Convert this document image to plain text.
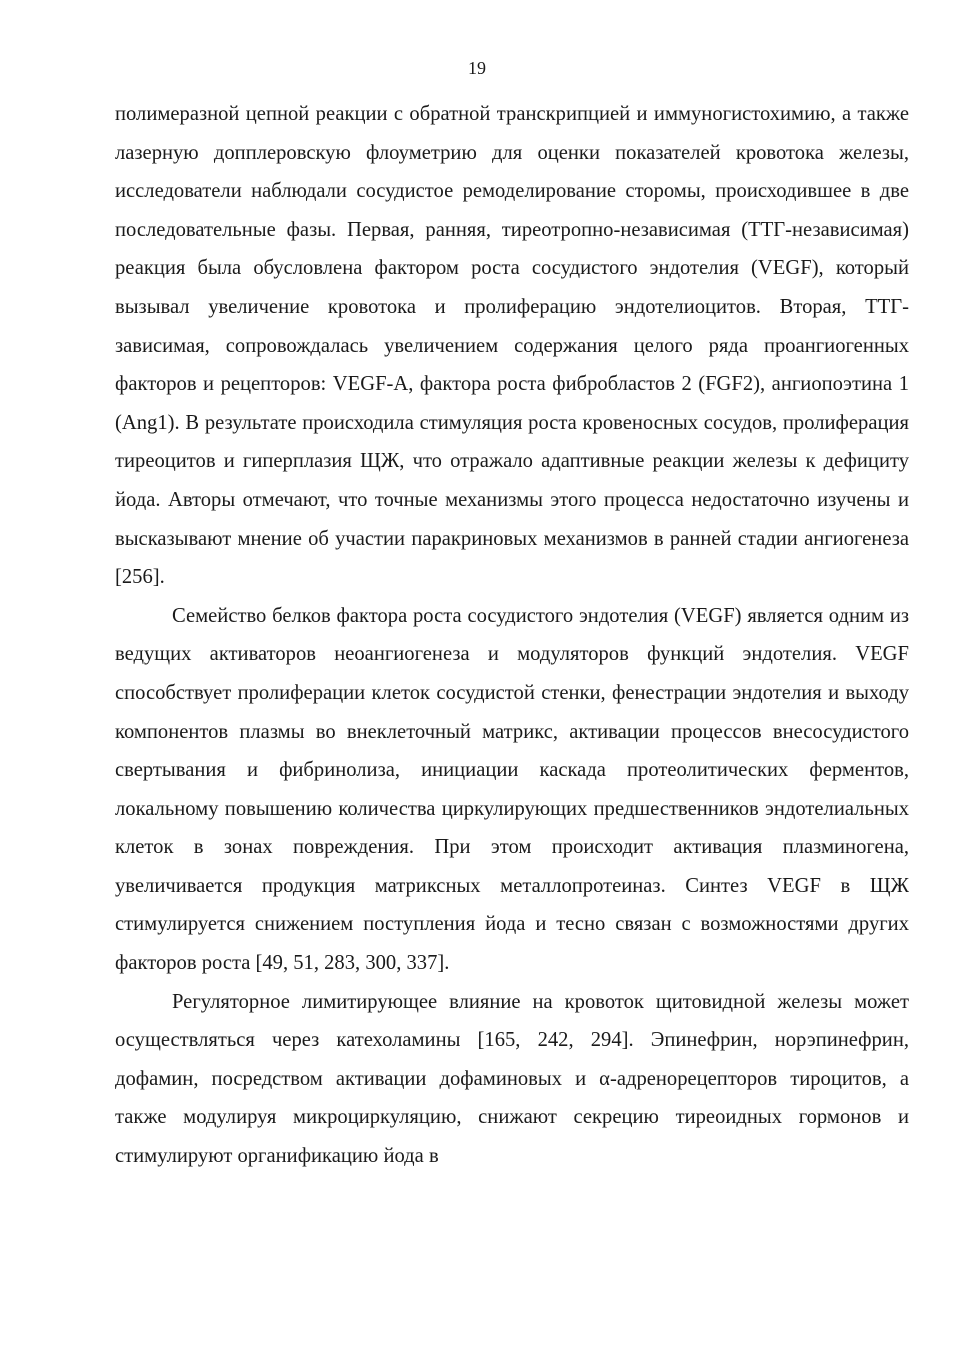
19

полимеразной цепной реакции с обратной транскрипцией и иммуногистохимию, а также лазерную допплеровскую флоуметрию для оценки показателей кровотока железы, исследователи наблюдали сосудистое ремоделирование сторомы, происходившее в две последовательные фазы. Первая, ранняя, тиреотропно-независимая (ТТГ-независимая) реакция была обусловлена фактором роста сосудистого эндотелия (VEGF), который вызывал увеличение кровотока и пролиферацию эндотелиоцитов. Вторая, ТТГ-зависимая, сопровождалась увеличением содержания целого ряда проангиогенных факторов и рецепторов: VEGF-A, фактора роста фибробластов 2 (FGF2), ангиопоэтина 1 (Ang1). В результате происходила стимуляция роста кровеносных сосудов, пролиферация тиреоцитов и гиперплазия ЩЖ, что отражало адаптивные реакции железы к дефициту йода. Авторы отмечают, что точные механизмы этого процесса недостаточно изучены и высказывают мнение об участии паракриновых механизмов в ранней стадии ангиогенеза [256].

Семейство белков фактора роста сосудистого эндотелия (VEGF) является одним из ведущих активаторов неоангиогенеза и модуляторов функций эндотелия. VEGF способствует пролиферации клеток сосудистой стенки, фенестрации эндотелия и выходу компонентов плазмы во внеклеточный матрикс, активации процессов внесосудистого свертывания и фибринолиза, инициации каскада протеолитических ферментов, локальному повышению количества циркулирующих предшественников эндотелиальных клеток в зонах повреждения. При этом происходит активация плазминогена, увеличивается продукция матриксных металлопротеиназ. Синтез VEGF в ЩЖ стимулируется снижением поступления йода и тесно связан с возможностями других факторов роста [49, 51, 283, 300, 337].

Регуляторное лимитирующее влияние на кровоток щитовидной железы может осуществляться через катехоламины [165, 242, 294]. Эпинефрин, норэпинефрин, дофамин, посредством активации дофаминовых и α-адренорецепторов тироцитов, а также модулируя микроциркуляцию, снижают секрецию тиреоидных гормонов и стимулируют органификацию йода в
